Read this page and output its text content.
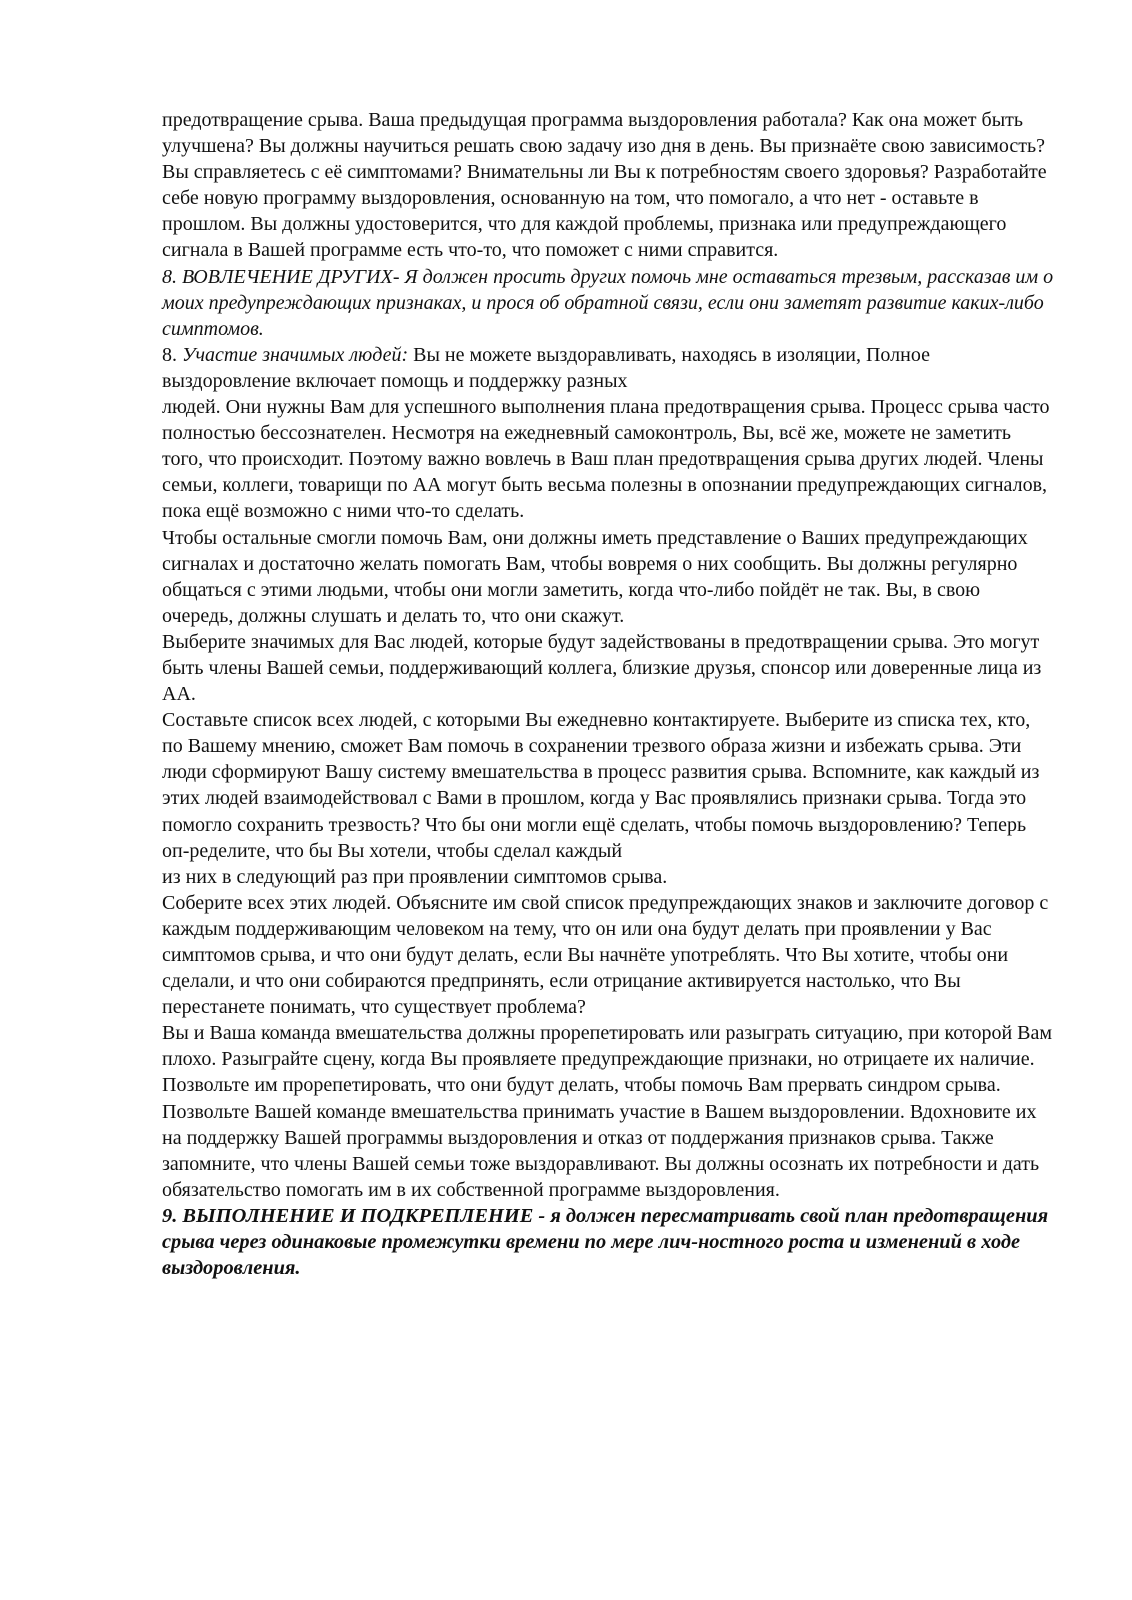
предотвращение срыва. Ваша предыдущая программа выздоровления работала? Как она может быть улучшена? Вы должны научиться решать свою задачу изо дня в день. Вы признаёте свою зависимость? Вы справляетесь с её симптомами? Внимательны ли Вы к потребностям своего здоровья? Разработайте себе новую программу выздоровления, основанную на том, что помогало, а что нет - оставьте в прошлом. Вы должны удостоверится, что для каждой проблемы, признака или предупреждающего сигнала в Вашей программе есть что-то, что поможет с ними справится.

8. ВОВЛЕЧЕНИЕ ДРУГИХ- Я должен просить других помочь мне оставаться трезвым, рассказав им о моих предупреждающих признаках, и прося об обратной связи, если они заметят развитие каких-либо симптомов.

8. Участие значимых людей: Вы не можете выздоравливать, находясь в изоляции, Полное выздоровление включает помощь и поддержку разных

людей. Они нужны Вам для успешного выполнения плана предотвращения срыва. Процесс срыва часто полностью бессознателен. Несмотря на ежедневный самоконтроль, Вы, всё же, можете не заметить того, что происходит. Поэтому важно вовлечь в Ваш план предотвращения срыва других людей. Члены семьи, коллеги, товарищи по АА могут быть весьма полезны в опознании предупреждающих сигналов, пока ещё возможно с ними что-то сделать.

Чтобы остальные смогли помочь Вам, они должны иметь представление о Ваших предупреждающих сигналах и достаточно желать помогать Вам, чтобы вовремя о них сообщить. Вы должны регулярно общаться с этими людьми, чтобы они могли заметить, когда что-либо пойдёт не так. Вы, в свою очередь, должны слушать и делать то, что они скажут.

Выберите значимых для Вас людей, которые будут задействованы в предотвращении срыва. Это могут быть члены Вашей семьи, поддерживающий коллега, близкие друзья, спонсор или доверенные лица из АА.

Составьте список всех людей, с которыми Вы ежедневно контактируете. Выберите из списка тех, кто, по Вашему мнению, сможет Вам помочь в сохранении трезвого образа жизни и избежать срыва. Эти люди сформируют Вашу систему вмешательства в процесс развития срыва. Вспомните, как каждый из этих людей взаимодействовал с Вами в прошлом, когда у Вас проявлялись признаки срыва. Тогда это помогло сохранить трезвость? Что бы они могли ещё сделать, чтобы помочь выздоровлению? Теперь оп-ределите, что бы Вы хотели, чтобы сделал каждый

из них в следующий раз при проявлении симптомов срыва.

Соберите всех этих людей. Объясните им свой список предупреждающих знаков и заключите договор с каждым поддерживающим человеком на тему, что он или она будут делать при проявлении у Вас симптомов срыва, и что они будут делать, если Вы начнёте употреблять. Что Вы хотите, чтобы они сделали, и что они собираются предпринять, если отрицание активируется настолько, что Вы перестанете понимать, что существует проблема?

Вы и Ваша команда вмешательства должны прорепетировать или разыграть ситуацию, при которой Вам плохо. Разыграйте сцену, когда Вы проявляете предупреждающие признаки, но отрицаете их наличие. Позвольте им прорепетировать, что они будут делать, чтобы помочь Вам прервать синдром срыва.

Позвольте Вашей команде вмешательства принимать участие в Вашем выздоровлении. Вдохновите их на поддержку Вашей программы выздоровления и отказ от поддержания признаков срыва. Также запомните, что члены Вашей семьи тоже выздоравливают. Вы должны осознать их потребности и дать обязательство помогать им в их собственной программе выздоровления.

9. ВЫПОЛНЕНИЕ И ПОДКРЕПЛЕНИЕ - я должен пересматривать свой план предотвращения срыва через одинаковые промежутки времени по мере лич-ностного роста и изменений в ходе выздоровления.
